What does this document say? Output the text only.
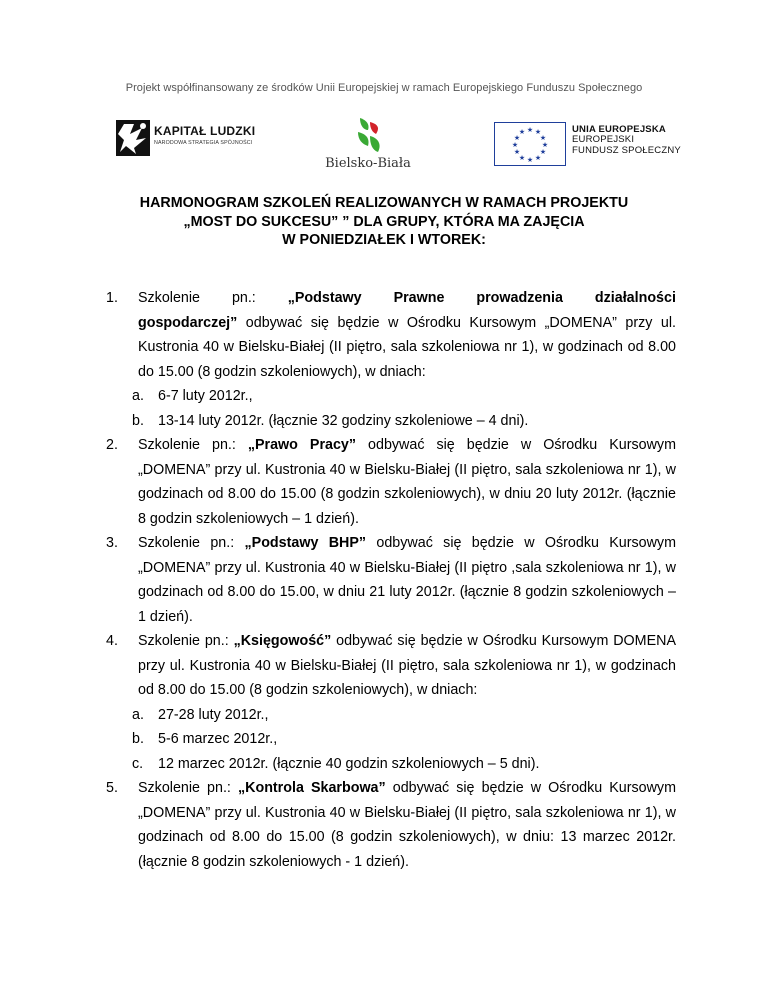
Projekt współfinansowany ze środków Unii Europejskiej w ramach Europejskiego Funduszu Społecznego
KAPITAŁ LUDZKI
NARODOWA STRATEGIA SPÓJNOŚCI
Bielsko-Biała
★ ★
★
★
★
★
★
★
★
★
★
★	UNIA EUROPEJSKA
EUROPEJSKI
FUNDUSZ SPOŁECZNY
HARMONOGRAM SZKOLEŃ REALIZOWANYCH W RAMACH PROJEKTU
„MOST DO SUKCESU” ” DLA GRUPY, KTÓRA MA ZAJĘCIA
W PONIEDZIAŁEK I WTOREK:
1. Szkolenie pn.: „Podstawy Prawne prowadzenia działalności
gospodarczej” odbywać się będzie w Ośrodku Kursowym „DOMENA” przy ul. Kustronia 40 w Bielsku-Białej (II piętro, sala szkoleniowa nr 1), w godzinach od 8.00 do 15.00 (8 godzin szkoleniowych), w dniach:
a. 6-7 luty 2012r.,
b. 13-14 luty 2012r. (łącznie 32 godziny szkoleniowe – 4 dni).
2. Szkolenie pn.: „Prawo Pracy” odbywać się będzie w Ośrodku Kursowym „DOMENA” przy ul. Kustronia 40 w Bielsku-Białej (II piętro, sala szkoleniowa nr 1), w godzinach od 8.00 do 15.00 (8 godzin szkoleniowych), w dniu 20 luty 2012r. (łącznie 8 godzin szkoleniowych – 1 dzień).
3. Szkolenie pn.: „Podstawy BHP” odbywać się będzie w Ośrodku Kursowym „DOMENA” przy ul. Kustronia 40 w Bielsku-Białej (II piętro ,sala szkoleniowa nr 1), w godzinach od 8.00 do 15.00, w dniu 21 luty 2012r. (łącznie 8 godzin szkoleniowych – 1 dzień).
4. Szkolenie pn.: „Księgowość” odbywać się będzie w Ośrodku Kursowym DOMENA przy ul. Kustronia 40 w Bielsku-Białej (II piętro, sala szkoleniowa nr 1), w godzinach od 8.00 do 15.00 (8 godzin szkoleniowych), w dniach:
a. 27-28 luty 2012r.,
b. 5-6 marzec 2012r.,
c. 12 marzec 2012r. (łącznie 40 godzin szkoleniowych – 5 dni).
5. Szkolenie pn.: „Kontrola Skarbowa” odbywać się będzie w Ośrodku Kursowym „DOMENA” przy ul. Kustronia 40 w Bielsku-Białej (II piętro, sala szkoleniowa nr 1), w godzinach od 8.00 do 15.00 (8 godzin szkoleniowych), w dniu: 13 marzec 2012r. (łącznie 8 godzin szkoleniowych - 1 dzień).
